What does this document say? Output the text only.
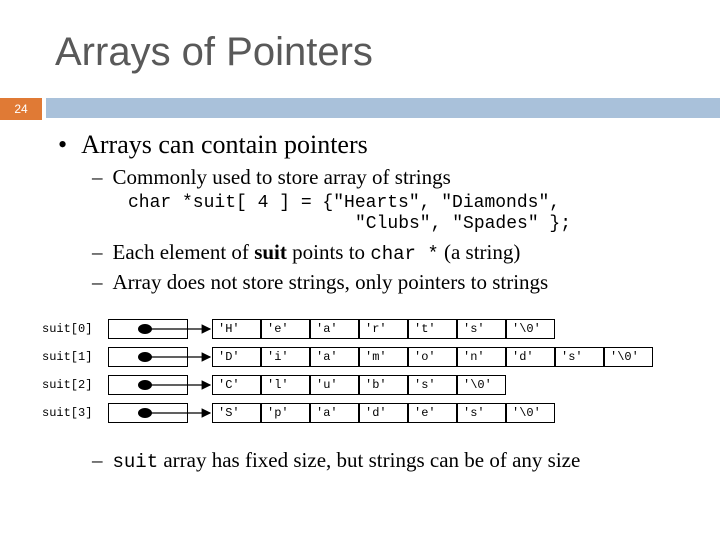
Arrays of Pointers
24
• Arrays can contain pointers
– Commonly used to store array of strings
char *suit[ 4 ] = {"Hearts", "Diamonds",
"Clubs", "Spades" };
– Each element of suit points to char * (a string)
– Array does not store strings, only pointers to strings
suit[0]	'H'	'e'	'a'	'r'	't'	's'	'\0'
suit[1]	'D'	'i'	'a'	'm'	'o'	'n'	'd'	's'	'\0'
suit[2]	'C'	'l'	'u'	'b'	's'	'\0'
suit[3]	'S'	'p'	'a'	'd'	'e'	's'	'\0'
– suit array has fixed size, but strings can be of any size
